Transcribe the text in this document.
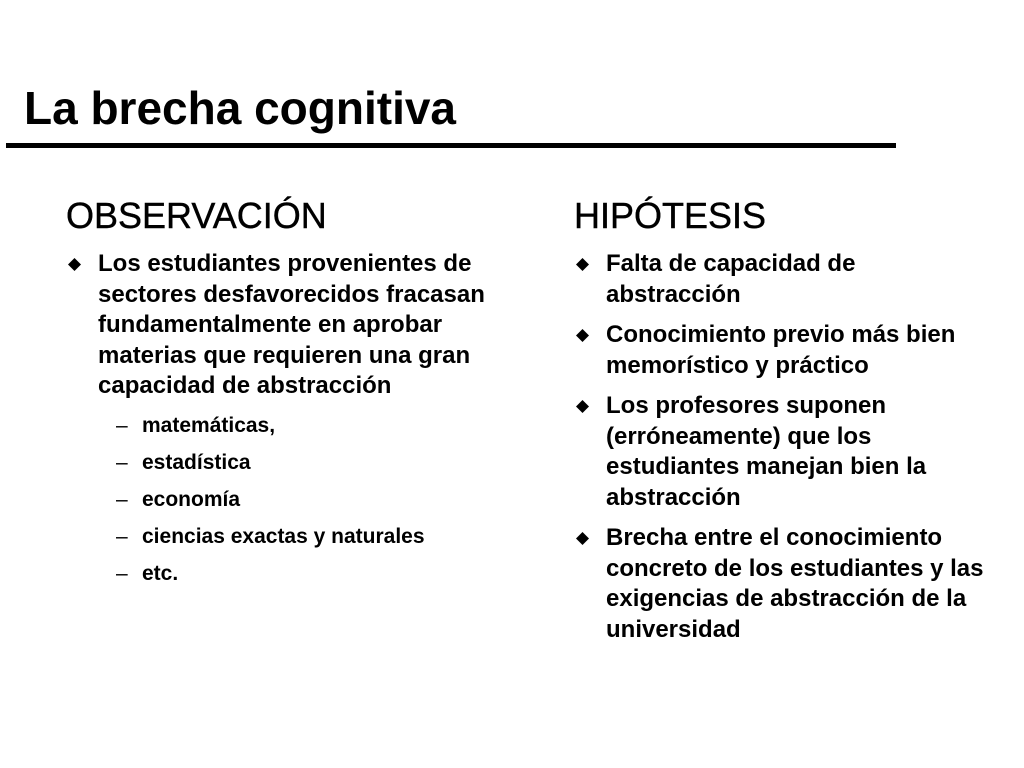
La brecha cognitiva
OBSERVACIÓN
Los estudiantes provenientes de sectores desfavorecidos fracasan fundamentalmente en aprobar materias que requieren una gran capacidad de abstracción
– matemáticas,
– estadística
– economía
– ciencias exactas y naturales
– etc.
HIPÓTESIS
Falta de capacidad de abstracción
Conocimiento previo más bien memorístico y práctico
Los profesores suponen (erróneamente) que los estudiantes manejan bien la abstracción
Brecha entre el conocimiento concreto de los estudiantes y las exigencias de abstracción de la universidad
